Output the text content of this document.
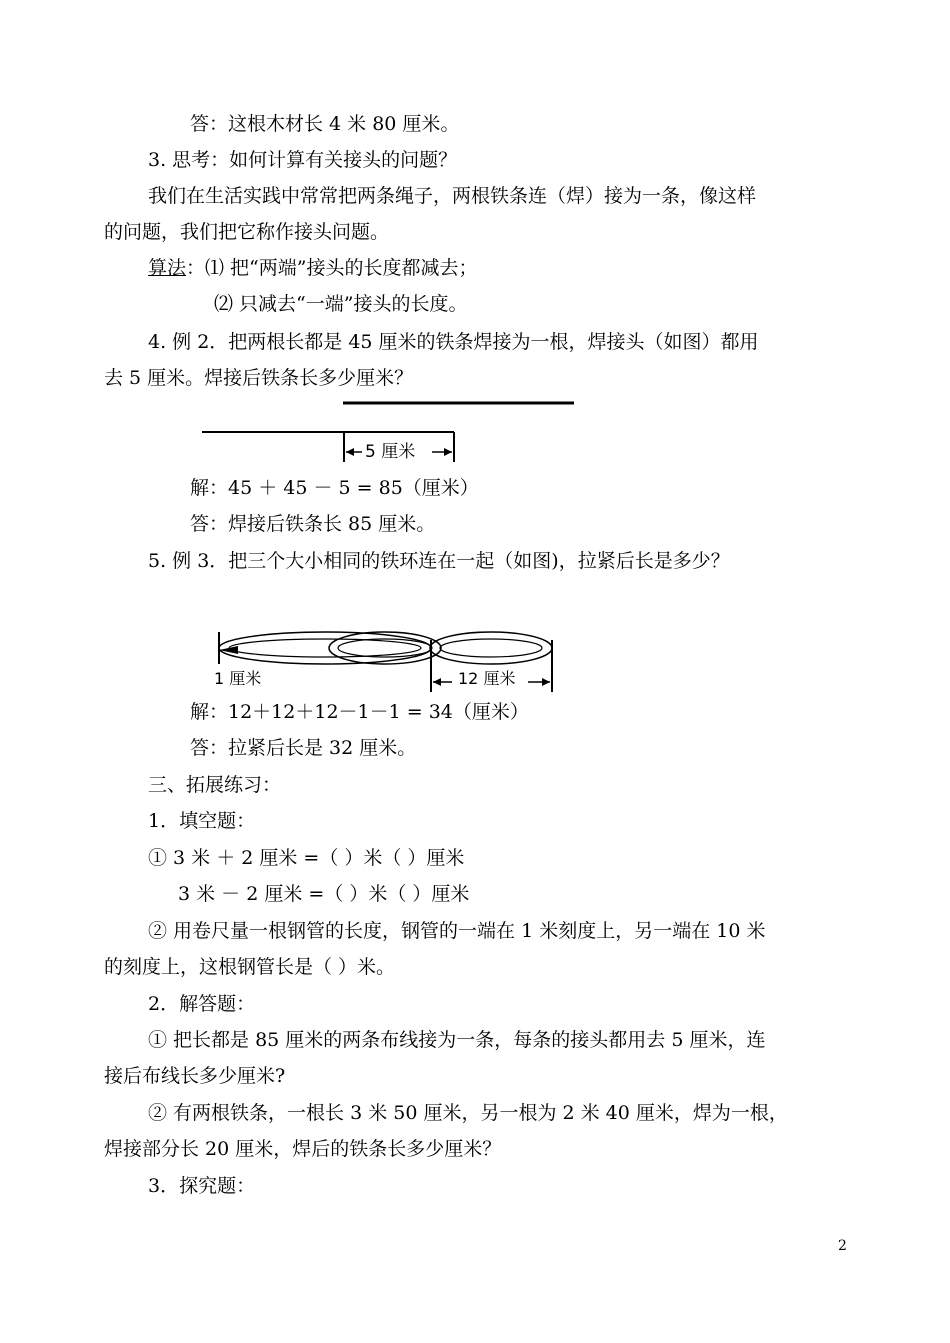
答：这根木材长 4 米 80 厘米。
3. 思考：如何计算有关接头的问题？
我们在生活实践中常常把两条绳子，两根铁条连（焊）接为一条，像这样
的问题，我们把它称作接头问题。
算法：⑴ 把“两端”接头的长度都减去；
⑵ 只减去“一端”接头的长度。
4. 例 2．把两根长都是 45 厘米的铁条焊接为一根，焊接头（如图）都用
去 5 厘米。焊接后铁条长多少厘米？
5 厘米
解：45 ＋ 45 － 5 = 85（厘米）
答：焊接后铁条长 85 厘米。
5. 例 3．把三个大小相同的铁环连在一起（如图)，拉紧后长是多少？
1 厘米	12 厘米
解：12＋12＋12－1－1 = 34（厘米）
答：拉紧后长是 32 厘米。
三、拓展练习：
1．填空题：
① 3 米 ＋ 2 厘米 =（ ）米（ ）厘米
3 米 － 2 厘米 =（ ）米（ ）厘米
② 用卷尺量一根钢管的长度，钢管的一端在 1 米刻度上，另一端在 10 米
的刻度上，这根钢管长是（ ）米。
2．解答题：
① 把长都是 85 厘米的两条布线接为一条，每条的接头都用去 5 厘米，连
接后布线长多少厘米?
② 有两根铁条，一根长 3 米 50 厘米，另一根为 2 米 40 厘米，焊为一根，
焊接部分长 20 厘米，焊后的铁条长多少厘米？
3．探究题：
2
